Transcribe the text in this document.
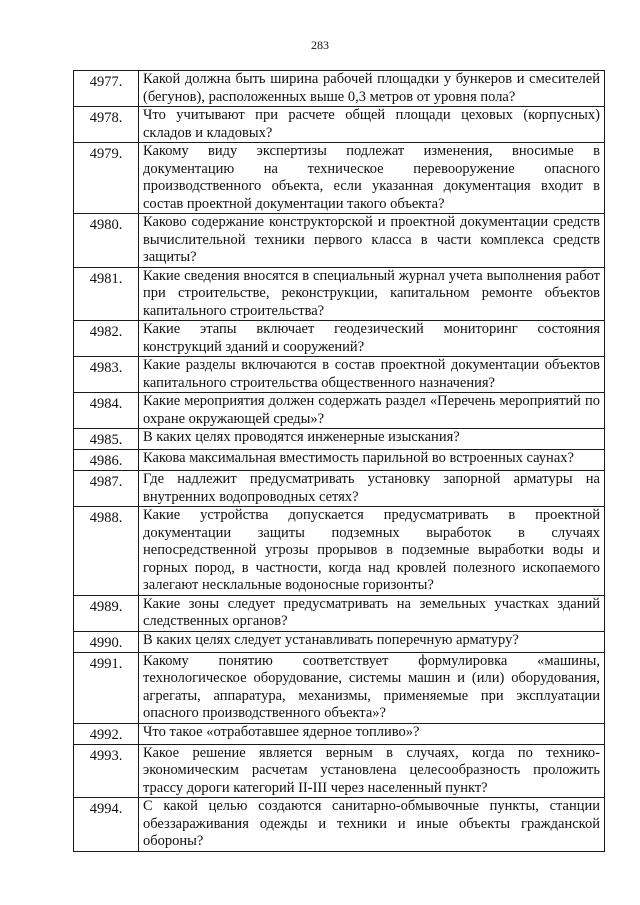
283
4977.	Какой должна быть ширина рабочей площадки у бункеров и смесителей (бегунов), расположенных выше 0,3 метров от уровня пола?
4978.	Что учитывают при расчете общей площади цеховых (корпусных) складов и кладовых?
4979.	Какому виду экспертизы подлежат изменения, вносимые в документацию на техническое перевооружение опасного производственного объекта, если указанная документация входит в состав проектной документации такого объекта?
4980.	Каково содержание конструкторской и проектной документации средств вычислительной техники первого класса в части комплекса средств защиты?
4981.	Какие сведения вносятся в специальный журнал учета выполнения работ при строительстве, реконструкции, капитальном ремонте объектов капитального строительства?
4982.	Какие этапы включает геодезический мониторинг состояния конструкций зданий и сооружений?
4983.	Какие разделы включаются в состав проектной документации объектов капитального строительства общественного назначения?
4984.	Какие мероприятия должен содержать раздел «Перечень мероприятий по охране окружающей среды»?
4985.	В каких целях проводятся инженерные изыскания?
4986.	Какова максимальная вместимость парильной во встроенных саунах?
4987.	Где надлежит предусматривать установку запорной арматуры на внутренних водопроводных сетях?
4988.	Какие устройства допускается предусматривать в проектной документации защиты подземных выработок в случаях непосредственной угрозы прорывов в подземные выработки воды и горных пород, в частности, когда над кровлей полезного ископаемого залегают несклальные водоносные горизонты?
4989.	Какие зоны следует предусматривать на земельных участках зданий следственных органов?
4990.	В каких целях следует устанавливать поперечную арматуру?
4991.	Какому понятию соответствует формулировка «машины, технологическое оборудование, системы машин и (или) оборудования, агрегаты, аппаратура, механизмы, применяемые при эксплуатации опасного производственного объекта»?
4992.	Что такое «отработавшее ядерное топливо»?
4993.	Какое решение является верным в случаях, когда по технико-экономическим расчетам установлена целесообразность проложить трассу дороги категорий II-III через населенный пункт?
4994.	С какой целью создаются санитарно-обмывочные пункты, станции обеззараживания одежды и техники и иные объекты гражданской обороны?
